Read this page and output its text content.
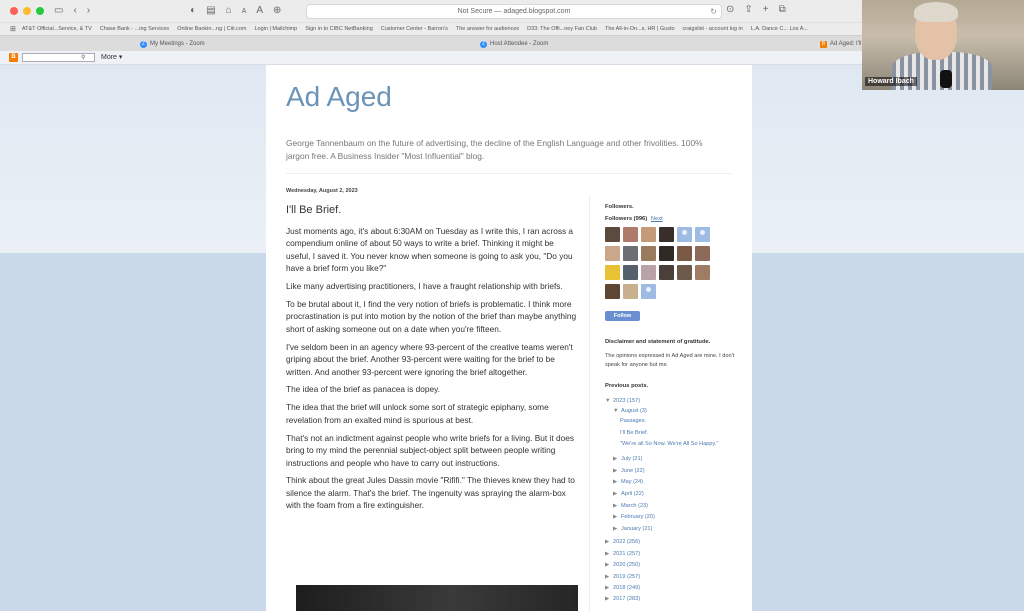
▭ ‹ ›	◐ ▤ ⌂ A A ⊕	Not Secure — adaged.blogspot.com	↻ ⊙ ⇪ + ⧉
⊞ AT&T Official...Service, & TV Chase Bank - ...ing Services Online Bankin...ng | Citi.com Login | Mailchimp Sign in to CIBC NetBanking Customer Center - Barron's The answer for audiences D33: The Offi...ney Fan Club The All-in-On...s, HR | Gusto craigslist - account log in L.A. Dance C... Los A...
Z My Meetings - Zoom	Z Host Attendee - Zoom	B Ad Aged: I'll
B	⚲ More ▾
Ad Aged
George Tannenbaum on the future of advertising, the decline of the English Language and other frivolities. 100% jargon free. A Business Insider "Most Influential" blog.
Wednesday, August 2, 2023
I'll Be Brief.

Just moments ago, it's about 6:30AM on Tuesday as I write this, I ran across a compendium online of about 50 ways to write a brief. Thinking it might be useful, I saved it. You never know when someone is going to ask you, "Do you have a brief form you like?"

Like many advertising practitioners, I have a fraught relationship with briefs.

To be brutal about it, I find the very notion of briefs is problematic. I think more procrastination is put into motion by the notion of the brief than maybe anything short of asking someone out on a date when you're fifteen.

I've seldom been in an agency where 93-percent of the creative teams weren't griping about the brief. Another 93-percent were waiting for the brief to be written. And another 93-percent were ignoring the brief altogether.

The idea of the brief as panacea is dopey.

The idea that the brief will unlock some sort of strategic epiphany, some revelation from an exalted mind is spurious at best.

That's not an indictment against people who write briefs for a living. But it does bring to my mind the perennial subject-object split between people writing instructions and people who have to carry out instructions.

Think about the great Jules Dassin movie "Rififi." The thieves knew they had to silence the alarm. That's the brief. The ingenuity was spraying the alarm-box with the foam from a fire extinguisher.

Followers.
Followers (996) Next
Follow
Disclaimer and statement of gratitude.
The opinions expressed in Ad Aged are mine. I don't speak for anyone but me.
Previous posts.
▼ 2023 (157)
▼ August (3)
Passages.
I'll Be Brief.
"We're all So Now. We're All So Happy."
▶ July (21)
▶ June (22)
▶ May (24)
▶ April (22)
▶ March (23)
▶ February (20)
▶ January (21)
▶ 2022 (256)
▶ 2021 (257)
▶ 2020 (250)
▶ 2019 (257)
▶ 2018 (249)
▶ 2017 (283)
Howard Ibach
